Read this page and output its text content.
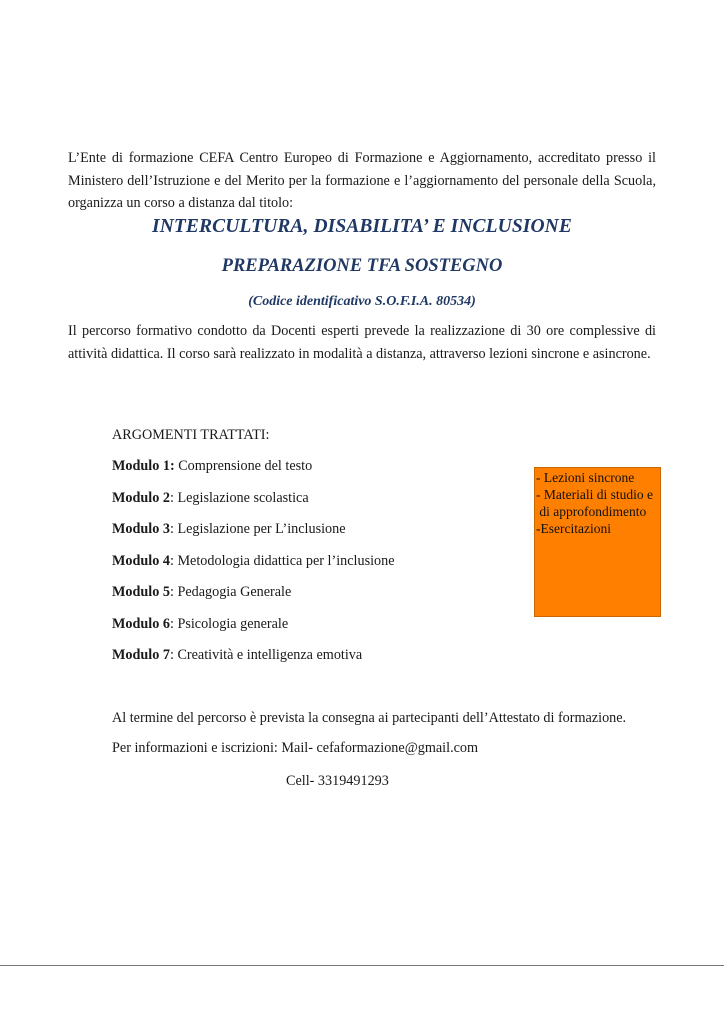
L’Ente di formazione CEFA Centro Europeo di Formazione e Aggiornamento, accreditato presso il Ministero dell’Istruzione e del Merito per la formazione e l’aggiornamento del personale della Scuola, organizza un corso a distanza dal titolo:
INTERCULTURA, DISABILITA’ E INCLUSIONE
PREPARAZIONE TFA SOSTEGNO
(Codice identificativo S.O.F.I.A. 80534)
Il percorso formativo condotto da Docenti esperti prevede la realizzazione di 30 ore complessive di attività didattica. Il corso sarà realizzato in modalità a distanza, attraverso lezioni sincrone e asincrone.
ARGOMENTI TRATTATI:
Modulo 1: Comprensione del testo
Modulo 2: Legislazione scolastica
Modulo 3: Legislazione per L’inclusione
Modulo 4: Metodologia didattica per l’inclusione
Modulo 5: Pedagogia Generale
Modulo 6: Psicologia generale
Modulo 7: Creatività e intelligenza emotiva
- Lezioni sincrone
- Materiali di studio e
di approfondimento
-Esercitazioni
Al termine del percorso è prevista la consegna ai partecipanti dell’Attestato di formazione.
Per informazioni e iscrizioni: Mail- cefaformazione@gmail.com
Cell- 3319491293
